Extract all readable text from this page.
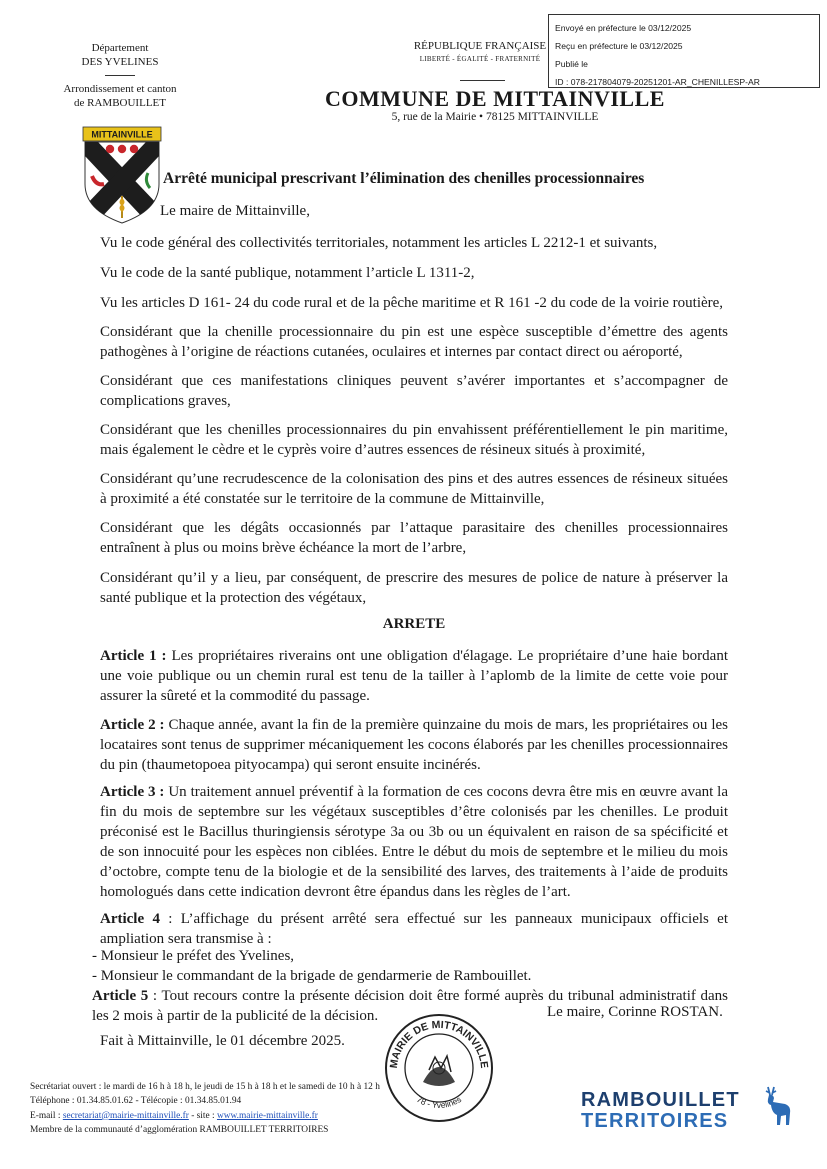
Envoyé en préfecture le 03/12/2025
Reçu en préfecture le 03/12/2025
Publié le
ID : 078-217804079-20251201-AR_CHENILLESP-AR
Département
DES YVELINES
Arrondissement et canton
de RAMBOUILLET
RÉPUBLIQUE FRANÇAISE
LIBERTÉ - ÉGALITÉ - FRATERNITÉ
COMMUNE DE MITTAINVILLE
5, rue de la Mairie • 78125 MITTAINVILLE
MITTAINVILLE
Arrêté municipal prescrivant l’élimination des chenilles processionnaires
Le maire de Mittainville,
Vu le code général des collectivités territoriales, notamment les articles L 2212-1 et suivants,
Vu le code de la santé publique, notamment l’article L 1311-2,
Vu les articles D 161- 24 du code rural et de la pêche maritime et R 161 -2 du code de la voirie routière,
Considérant que la chenille processionnaire du pin est une espèce susceptible d’émettre des agents pathogènes à l’origine de réactions cutanées, oculaires et internes par contact direct ou aéroporté,
Considérant que ces manifestations cliniques peuvent s’avérer importantes et s’accompagner de complications graves,
Considérant que les chenilles processionnaires du pin envahissent préférentiellement le pin maritime, mais également le cèdre et le cyprès voire d’autres essences de résineux situés à proximité,
Considérant qu’une recrudescence de la colonisation des pins et des autres essences de résineux situées à proximité a été constatée sur le territoire de la commune de Mittainville,
Considérant que les dégâts occasionnés par l’attaque parasitaire des chenilles processionnaires entraînent à plus ou moins brève échéance la mort de l’arbre,
Considérant qu’il y a lieu, par conséquent, de prescrire des mesures de police de nature à préserver la santé publique et la protection des végétaux,
ARRETE
Article 1 : Les propriétaires riverains ont une obligation d'élagage. Le propriétaire d’une haie bordant une voie publique ou un chemin rural est tenu de la tailler à l’aplomb de la limite de cette voie pour assurer la sûreté et la commodité du passage.
Article 2 : Chaque année, avant la fin de la première quinzaine du mois de mars, les propriétaires ou les locataires sont tenus de supprimer mécaniquement les cocons élaborés par les chenilles processionnaires du pin (thaumetopoea pityocampa) qui seront ensuite incinérés.
Article 3 : Un traitement annuel préventif à la formation de ces cocons devra être mis en œuvre avant la fin du mois de septembre sur les végétaux susceptibles d’être colonisés par les chenilles. Le produit préconisé est le Bacillus thuringiensis sérotype 3a ou 3b ou un équivalent en raison de sa spécificité et de son innocuité pour les espèces non ciblées. Entre le début du mois de septembre et le milieu du mois d’octobre, compte tenu de la biologie et de la sensibilité des larves, des traitements à l’aide de produits homologués dans cette indication devront être épandus dans les règles de l’art.
Article 4 : L’affichage du présent arrêté sera effectué sur les panneaux municipaux officiels et ampliation sera transmise à :
- Monsieur le préfet des Yvelines,
- Monsieur le commandant de la brigade de gendarmerie de Rambouillet.
Article 5 : Tout recours contre la présente décision doit être formé auprès du tribunal administratif dans les 2 mois à partir de la publicité de la décision.	Le maire, Corinne ROSTAN.
Fait à Mittainville, le 01 décembre 2025.
MAIRIE DE MITTAINVILLE
78 - Yvelines
Secrétariat ouvert : le mardi de 16 h à 18 h, le jeudi de 15 h à 18 h et le samedi de 10 h à 12 h
Téléphone : 01.34.85.01.62 - Télécopie : 01.34.85.01.94
E-mail : secretariat@mairie-mittainville.fr - site : www.mairie-mittainville.fr
Membre de la communauté d’agglomération RAMBOUILLET TERRITOIRES
RAMBOUILLET
TERRITOIRES
